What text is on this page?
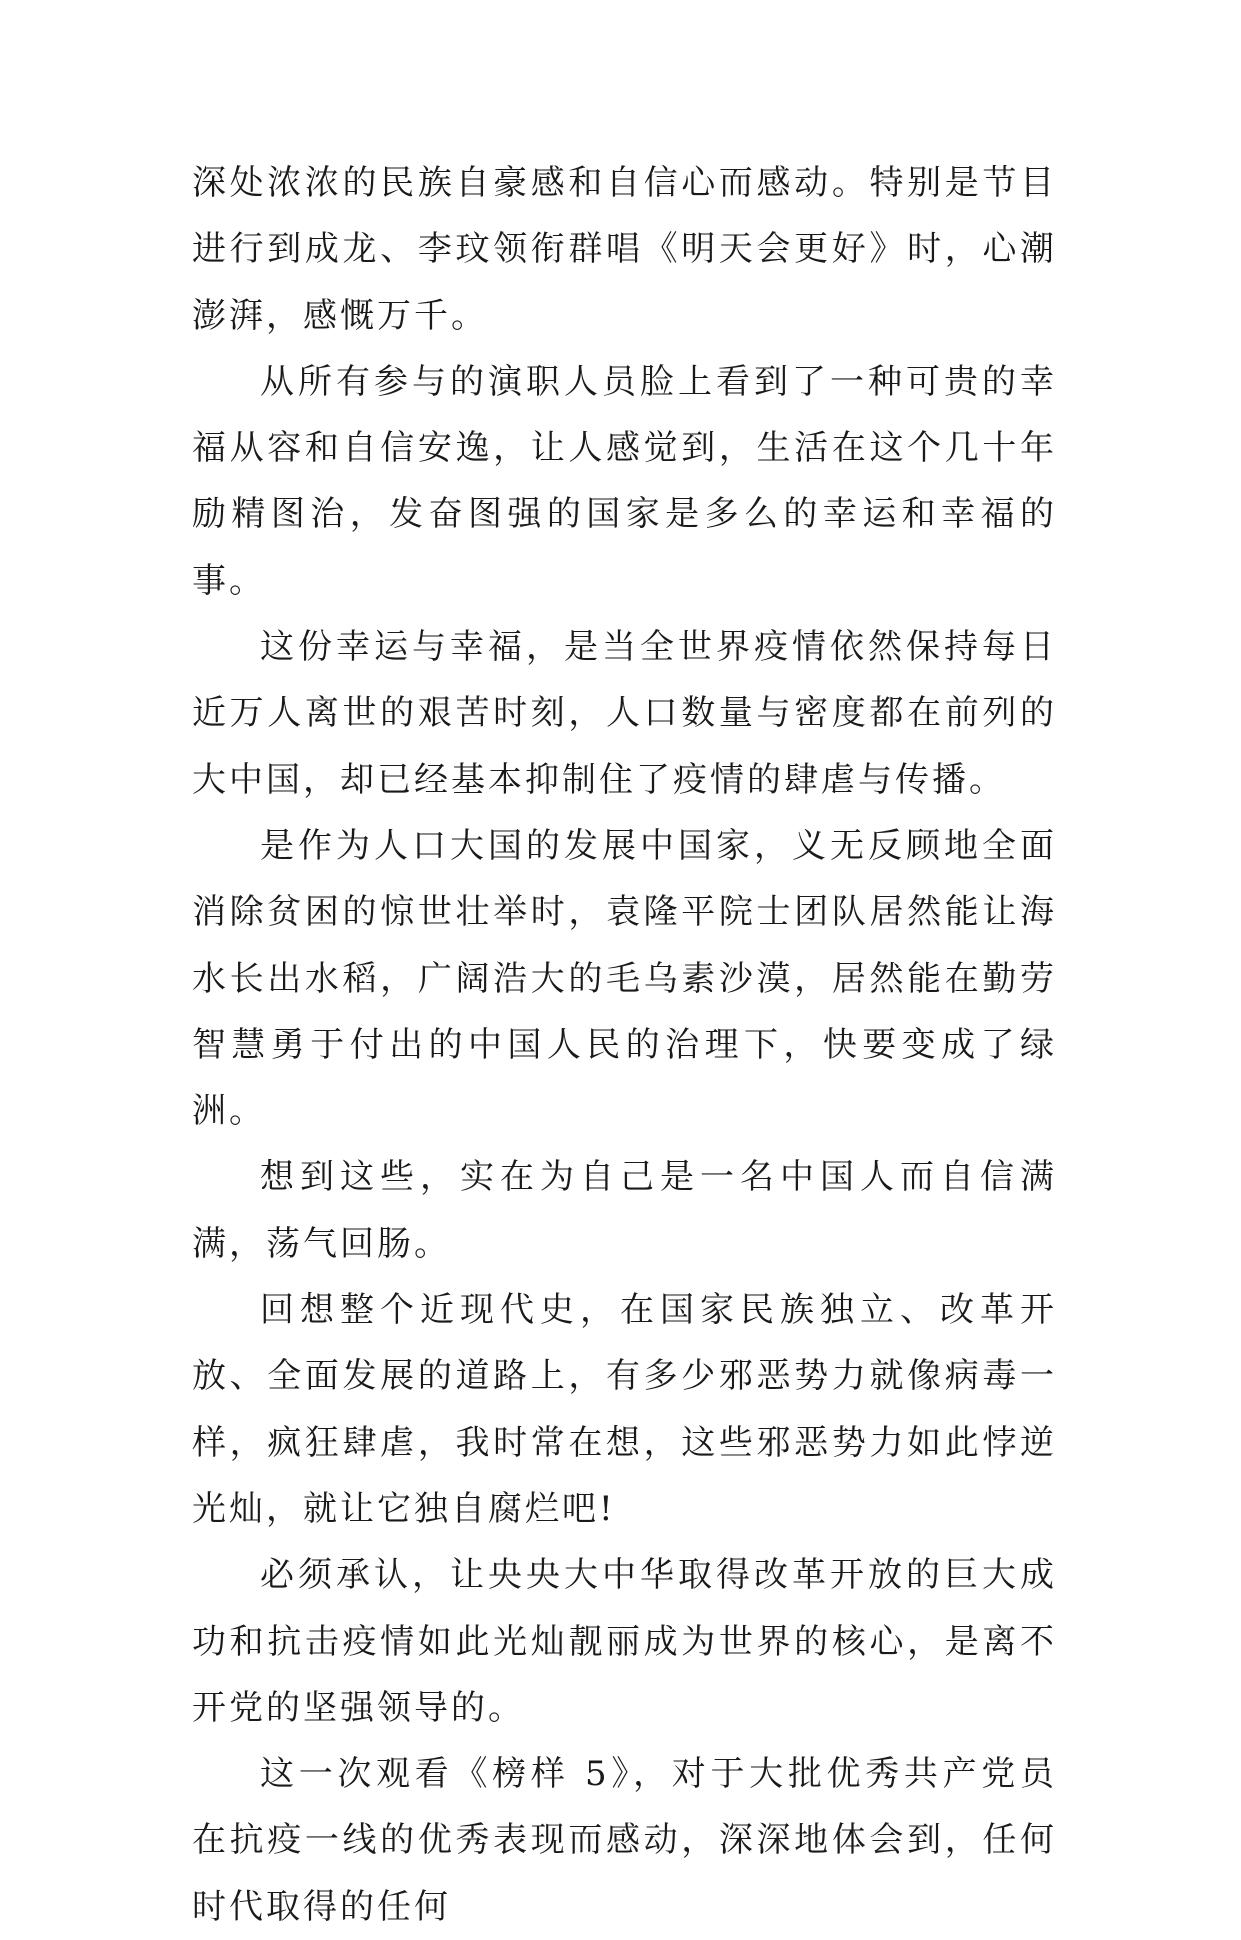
深处浓浓的民族自豪感和自信心而感动。特别是节目进行到成龙、李玟领衔群唱《明天会更好》时，心潮澎湃，感慨万千。

从所有参与的演职人员脸上看到了一种可贵的幸福从容和自信安逸，让人感觉到，生活在这个几十年励精图治，发奋图强的国家是多么的幸运和幸福的事。

这份幸运与幸福，是当全世界疫情依然保持每日近万人离世的艰苦时刻，人口数量与密度都在前列的大中国，却已经基本抑制住了疫情的肆虐与传播。

是作为人口大国的发展中国家，义无反顾地全面消除贫困的惊世壮举时，袁隆平院士团队居然能让海水长出水稻，广阔浩大的毛乌素沙漠，居然能在勤劳智慧勇于付出的中国人民的治理下，快要变成了绿洲。

想到这些，实在为自己是一名中国人而自信满满，荡气回肠。

回想整个近现代史，在国家民族独立、改革开放、全面发展的道路上，有多少邪恶势力就像病毒一样，疯狂肆虐，我时常在想，这些邪恶势力如此悖逆光灿，就让它独自腐烂吧!

必须承认，让央央大中华取得改革开放的巨大成功和抗击疫情如此光灿靓丽成为世界的核心，是离不开党的坚强领导的。

这一次观看《榜样 5》，对于大批优秀共产党员在抗疫一线的优秀表现而感动，深深地体会到，任何时代取得的任何
